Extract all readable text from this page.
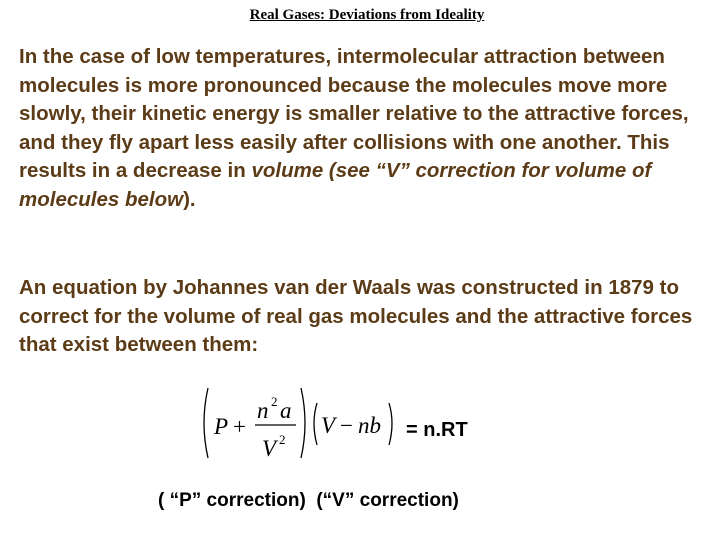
Real Gases: Deviations from Ideality

In the case of low temperatures, intermolecular attraction between molecules is more pronounced because the molecules move more slowly, their kinetic energy is smaller relative to the attractive forces, and they fly apart less easily after collisions with one another. This results in a decrease in volume (see “V” correction for volume of molecules below).

An equation by Johannes van der Waals was constructed in 1879 to correct for the volume of real gas molecules and the attractive forces that exist between them:

P +
n 2 a
V 2
V − nb = n.RT
( “P” correction)  (“V” correction)
